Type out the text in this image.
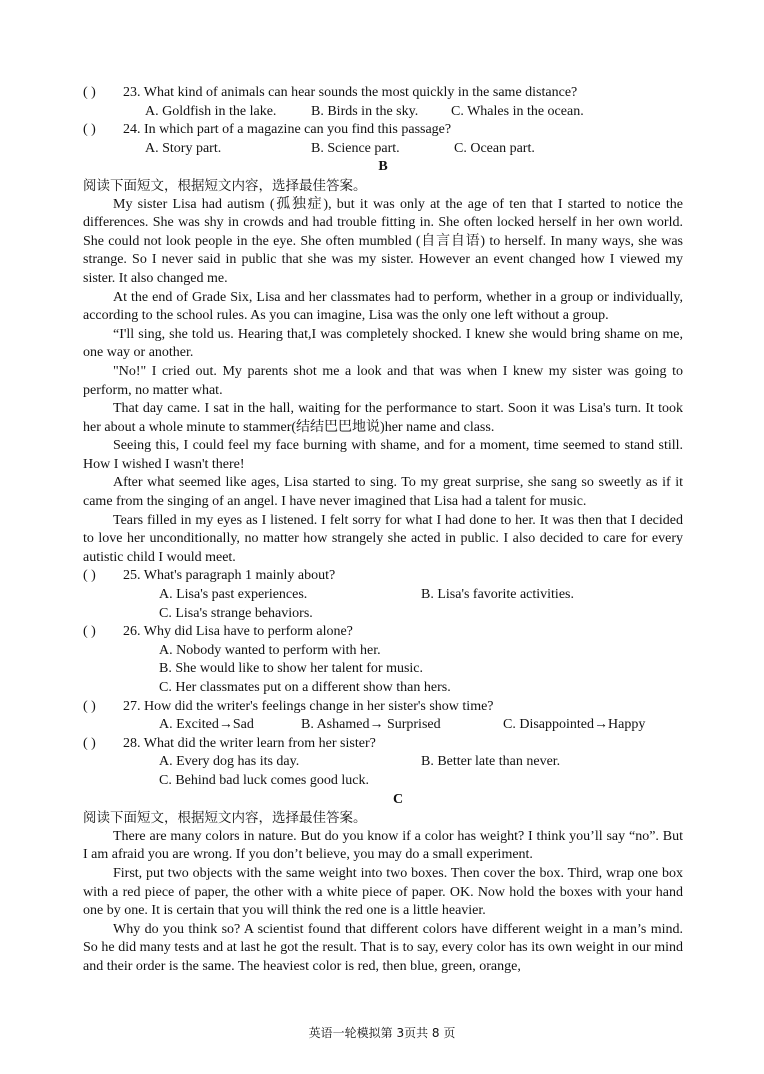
( )	23. What kind of animals can hear sounds the most quickly in the same distance?
A. Goldfish in the lake.	B. Birds in the sky.	C. Whales in the ocean.
( )	24. In which part of a magazine can you find this passage?
A. Story part.	B. Science part.	C. Ocean part.
B
阅读下面短文，根据短文内容，选择最佳答案。
My sister Lisa had autism (孤独症), but it was only at the age of ten that I started to notice the differences. She was shy in crowds and had trouble fitting in. She often locked herself in her own world. She could not look people in the eye. She often mumbled (自言自语) to herself. In many ways, she was strange. So I never said in public that she was my sister. However an event changed how I viewed my sister. It also changed me.
At the end of Grade Six, Lisa and her classmates had to perform, whether in a group or individually, according to the school rules. As you can imagine, Lisa was the only one left without a group.
“I'll sing, she told us. Hearing that,I was completely shocked. I knew she would bring shame on me, one way or another.
"No!" I cried out. My parents shot me a look and that was when I knew my sister was going to perform, no matter what.
That day came. I sat in the hall, waiting for the performance to start. Soon it was Lisa's turn. It took her about a whole minute to stammer(结结巴巴地说)her name and class.
Seeing this, I could feel my face burning with shame, and for a moment, time seemed to stand still. How I wished I wasn't there!
After what seemed like ages, Lisa started to sing. To my great surprise, she sang so sweetly as if it came from the singing of an angel. I have never imagined that Lisa had a talent for music.
Tears filled in my eyes as I listened. I felt sorry for what I had done to her. It was then that I decided to love her unconditionally, no matter how strangely she acted in public. I also decided to care for every autistic child I would meet.
( )	25. What's paragraph 1 mainly about?
A. Lisa's past experiences.	B. Lisa's favorite activities.
C. Lisa's strange behaviors.
( )	26. Why did Lisa have to perform alone?
A. Nobody wanted to perform with her.
B. She would like to show her talent for music.
C. Her classmates put on a different show than hers.
( )	27. How did the writer's feelings change in her sister's show time?
A. Excited→Sad	B. Ashamed→ Surprised	C. Disappointed→Happy
( )	28. What did the writer learn from her sister?
A. Every dog has its day.	B. Better late than never.
C. Behind bad luck comes good luck.
C
阅读下面短文，根据短文内容，选择最佳答案。
There are many colors in nature. But do you know if a color has weight? I think you’ll say “no”. But I am afraid you are wrong. If you don’t believe, you may do a small experiment.
First, put two objects with the same weight into two boxes. Then cover the box. Third, wrap one box with a red piece of paper, the other with a white piece of paper. OK. Now hold the boxes with your hand one by one. It is certain that you will think the red one is a little heavier.
Why do you think so? A scientist found that different colors have different weight in a man’s mind. So he did many tests and at last he got the result. That is to say, every color has its own weight in our mind and their order is the same. The heaviest color is red, then blue, green, orange,
英语一轮模拟第 3页共 8 页
